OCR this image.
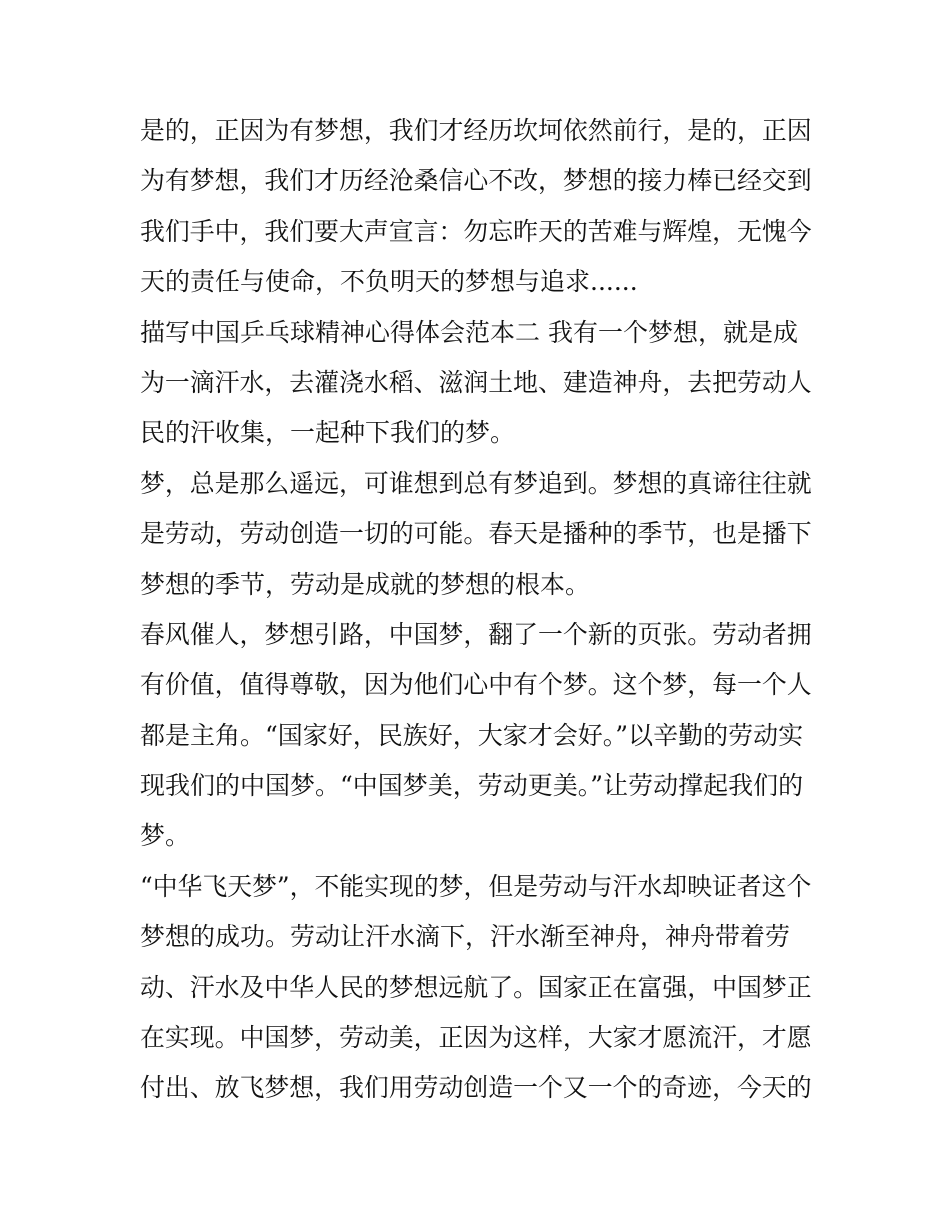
是的，正因为有梦想，我们才经历坎坷依然前行，是的，正因
为有梦想，我们才历经沧桑信心不改，梦想的接力棒已经交到
我们手中，我们要大声宣言：勿忘昨天的苦难与辉煌，无愧今
天的责任与使命，不负明天的梦想与追求......
描写中国乒乓球精神心得体会范本二 我有一个梦想，就是成
为一滴汗水，去灌浇水稻、滋润土地、建造神舟，去把劳动人
民的汗收集，一起种下我们的梦。
梦，总是那么遥远，可谁想到总有梦追到。梦想的真谛往往就
是劳动，劳动创造一切的可能。春天是播种的季节，也是播下
梦想的季节，劳动是成就的梦想的根本。
春风催人，梦想引路，中国梦，翻了一个新的页张。劳动者拥
有价值，值得尊敬，因为他们心中有个梦。这个梦，每一个人
都是主角。“国家好，民族好，大家才会好。”以辛勤的劳动实
现我们的中国梦。“中国梦美，劳动更美。”让劳动撑起我们的
梦。
“中华飞天梦”，不能实现的梦，但是劳动与汗水却映证者这个
梦想的成功。劳动让汗水滴下，汗水渐至神舟，神舟带着劳
动、汗水及中华人民的梦想远航了。国家正在富强，中国梦正
在实现。中国梦，劳动美，正因为这样，大家才愿流汗，才愿
付出、放飞梦想，我们用劳动创造一个又一个的奇迹，今天的
